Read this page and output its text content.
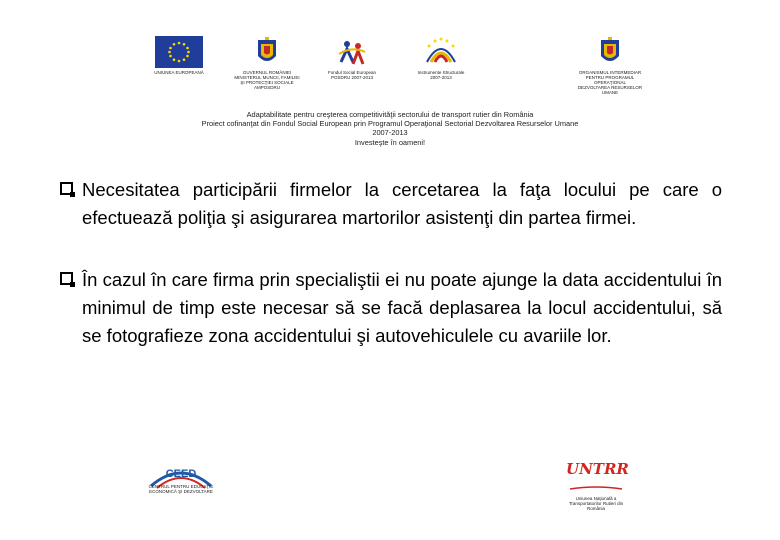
UNIUNEA EUROPEANĂ	GUVERNUL ROMÂNIEI
MINISTERUL MUNCII, FAMILIEI
ŞI PROTECŢIEI SOCIALE
AMPOSDRU
Fondul Social European
POSDRU 2007-2013
Instrumente Structurale
2007-2013
ORGANISMUL INTERMEDIAR
PENTRU PROGRAMUL OPERAŢIONAL
DEZVOLTAREA RESURSELOR UMANE
Adaptabilitate pentru creşterea competitivităţii sectorului de transport rutier din România
Proiect cofinanţat din Fondul Social European prin Programul Operaţional Sectorial Dezvoltarea Resurselor Umane
2007-2013
Investeşte în oameni!
Necesitatea participării firmelor la cercetarea la faţa locului pe care o efectuează poliţia şi asigurarea martorilor asistenţi din partea firmei.
În cazul în care firma prin specialiştii ei nu poate ajunge la data accidentului în minimul de timp este necesar să se facă deplasarea la locul accidentului, să se fotografieze zona accidentului şi autovehiculele cu avariile lor.
CEED
CENTRUL PENTRU EDUCAŢIE
ECONOMICĂ ŞI DEZVOLTARE
UNTRR
Uniunea Naţională a
Transportatorilor Rutieri din
România
